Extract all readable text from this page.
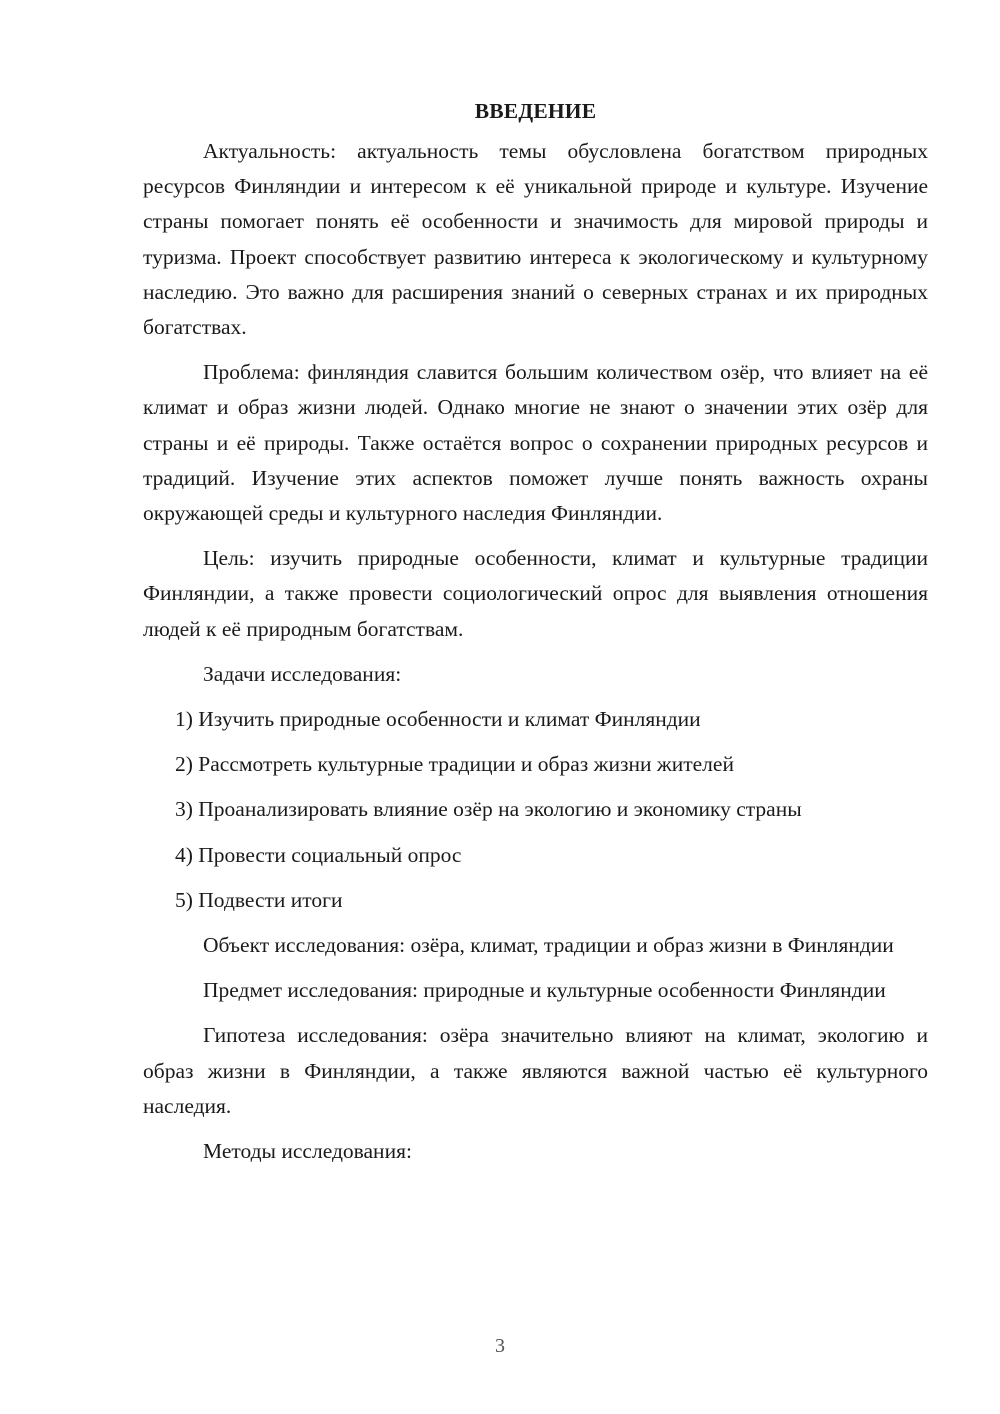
ВВЕДЕНИЕ

Актуальность: актуальность темы обусловлена богатством природных ресурсов Финляндии и интересом к её уникальной природе и культуре. Изучение страны помогает понять её особенности и значимость для мировой природы и туризма. Проект способствует развитию интереса к экологическому и культурному наследию. Это важно для расширения знаний о северных странах и их природных богатствах.

Проблема: финляндия славится большим количеством озёр, что влияет на её климат и образ жизни людей. Однако многие не знают о значении этих озёр для страны и её природы. Также остаётся вопрос о сохранении природных ресурсов и традиций. Изучение этих аспектов поможет лучше понять важность охраны окружающей среды и культурного наследия Финляндии.

Цель: изучить природные особенности, климат и культурные традиции Финляндии, а также провести социологический опрос для выявления отношения людей к её природным богатствам.

Задачи исследования:

1) Изучить природные особенности и климат Финляндии
2) Рассмотреть культурные традиции и образ жизни жителей
3) Проанализировать влияние озёр на экологию и экономику страны
4) Провести социальный опрос
5) Подвести итоги

Объект исследования: озёра, климат, традиции и образ жизни в Финляндии

Предмет исследования: природные и культурные особенности Финляндии

Гипотеза исследования: озёра значительно влияют на климат, экологию и образ жизни в Финляндии, а также являются важной частью её культурного наследия.

Методы исследования:

3
